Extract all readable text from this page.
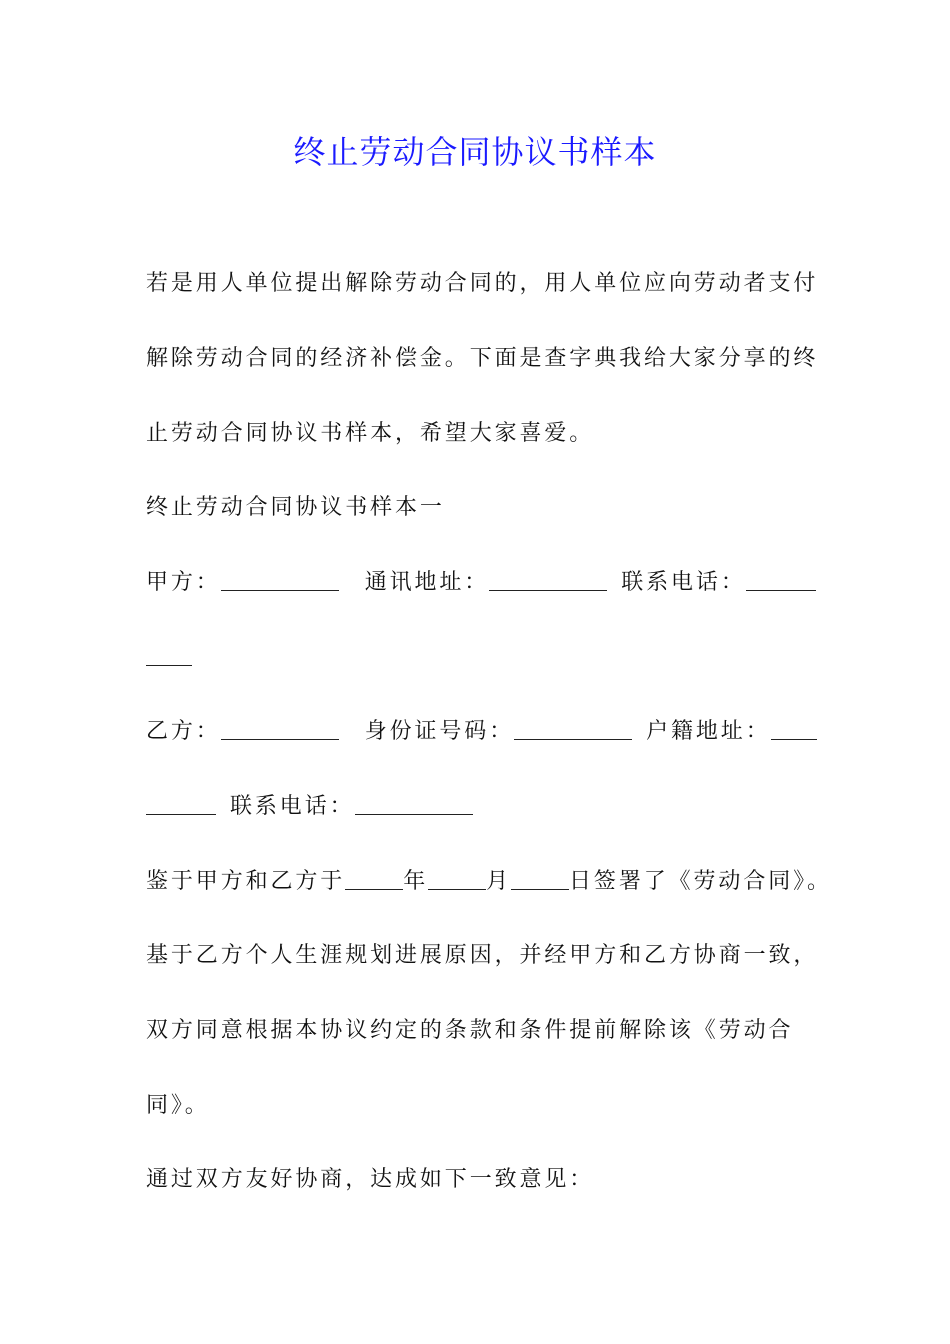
终止劳动合同协议书样本

若是用人单位提出解除劳动合同的，用人单位应向劳动者支付

解除劳动合同的经济补偿金。下面是查字典我给大家分享的终

止劳动合同协议书样本，希望大家喜爱。

终止劳动合同协议书样本一

甲方：	通讯地址：	联系电话：

乙方：	身份证号码：	户籍地址：

联系电话：

鉴于甲方和乙方于	年	月	日签署了《劳动合同》。

基于乙方个人生涯规划进展原因，并经甲方和乙方协商一致，

双方同意根据本协议约定的条款和条件提前解除该《劳动合

同》。

通过双方友好协商，达成如下一致意见：
